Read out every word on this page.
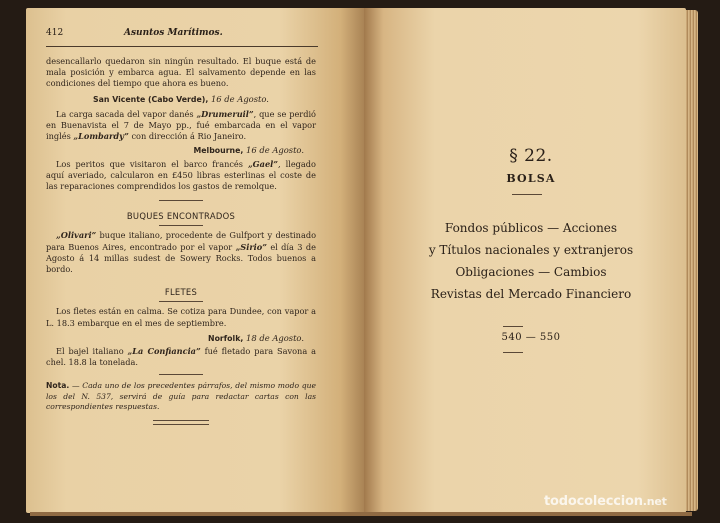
412	Asuntos Marítimos.

desencallarlo quedaron sin ningún resultado. El buque está de mala posición y embarca agua. El salvamento depende en las condiciones del tiempo que ahora es bueno.

San Vicente (Cabo Verde), 16 de Agosto.

La carga sacada del vapor danés „Drumeruil”, que se perdió en Buenavista el 7 de Mayo pp., fué embarcada en el vapor inglés „Lombardy” con dirección á Rio Janeiro.

Melbourne, 16 de Agosto.

Los peritos que visitaron el barco francés „Gael”, llegado aquí averiado, calcularon en £450 libras esterlinas el coste de las reparaciones comprendidos los gastos de remolque.

BUQUES ENCONTRADOS

„Olivari” buque italiano, procedente de Gulfport y destinado para Buenos Aires, encontrado por el vapor „Sirio” el día 3 de Agosto á 14 millas sudest de Sowery Rocks. Todos buenos a bordo.

FLETES

Los fletes están en calma. Se cotiza para Dundee, con vapor a L. 18.3 embarque en el mes de septiembre.

Norfolk, 18 de Agosto.

El bajel italiano „La Confiancia” fué fletado para Savona a chel. 18.8 la tonelada.

Nota. — Cada uno de los precedentes párrafos, del mismo modo que los del N. 537, servirá de guía para redactar cartas con las correspondientes respuestas.

§ 22.
BOLSA
Fondos públicos — Acciones
y Títulos nacionales y extranjeros
Obligaciones — Cambios
Revistas del Mercado Financiero
540 — 550
todocoleccion.net
